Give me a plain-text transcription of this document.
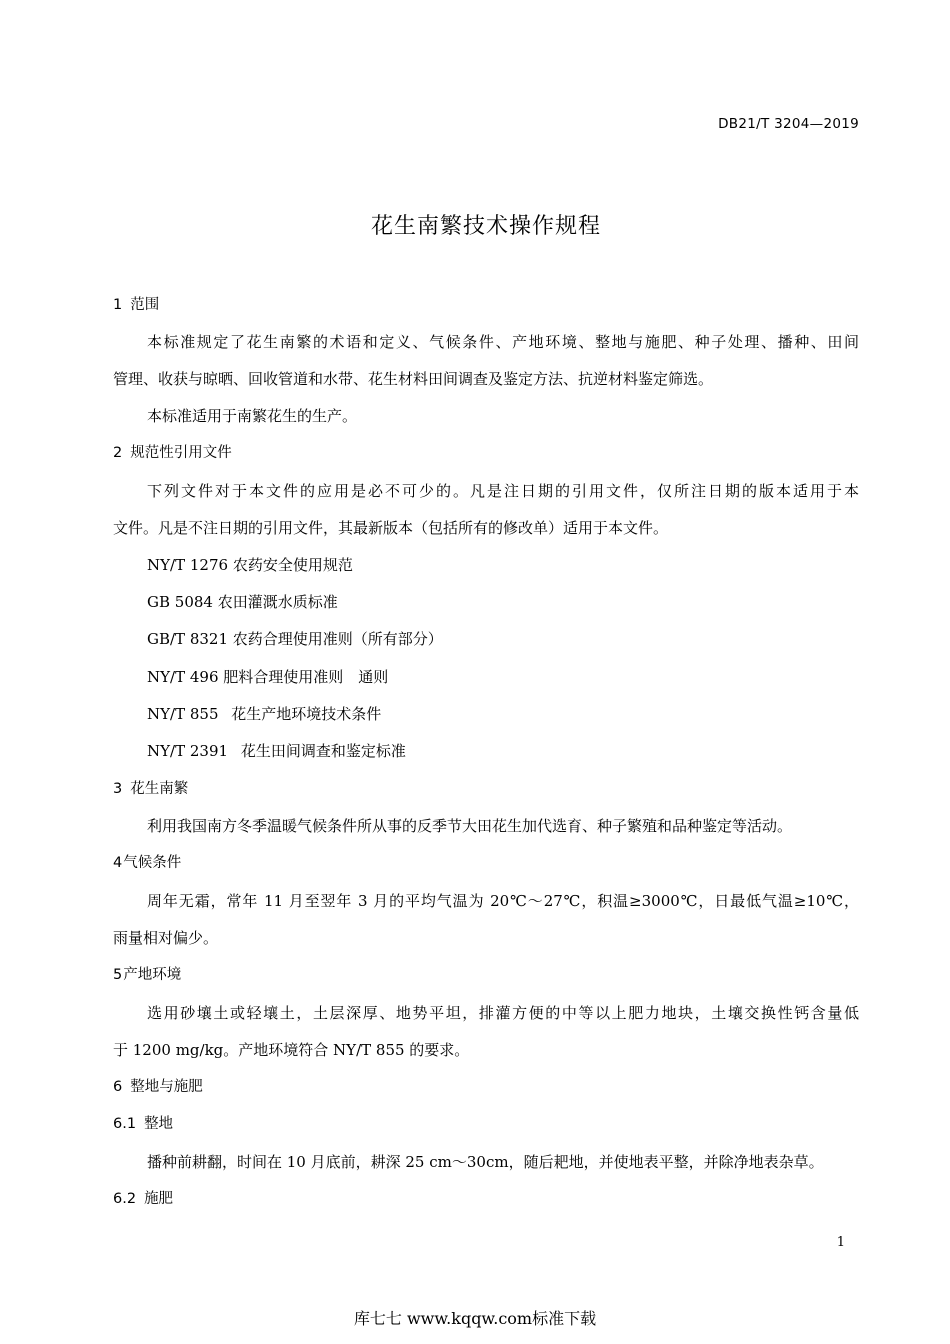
DB21/T 3204—2019
花生南繁技术操作规程
1 范围
本标准规定了花生南繁的术语和定义、气候条件、产地环境、整地与施肥、种子处理、播种、田间
管理、收获与晾晒、回收管道和水带、花生材料田间调查及鉴定方法、抗逆材料鉴定筛选。
本标准适用于南繁花生的生产。
2 规范性引用文件
下列文件对于本文件的应用是必不可少的。凡是注日期的引用文件，仅所注日期的版本适用于本
文件。凡是不注日期的引用文件，其最新版本（包括所有的修改单）适用于本文件。
NY/T 1276 农药安全使用规范
GB 5084 农田灌溉水质标准
GB/T 8321 农药合理使用准则（所有部分）
NY/T 496 肥料合理使用准则　通则
NY/T 855 花生产地环境技术条件
NY/T 2391 花生田间调查和鉴定标准
3 花生南繁
利用我国南方冬季温暖气候条件所从事的反季节大田花生加代选育、种子繁殖和品种鉴定等活动。
4气候条件
周年无霜，常年 11 月至翌年 3 月的平均气温为 20℃～27℃，积温≥3000℃，日最低气温≥10℃，
雨量相对偏少。
5产地环境
选用砂壤土或轻壤土，土层深厚、地势平坦，排灌方便的中等以上肥力地块，土壤交换性钙含量低
于 1200 mg/kg。产地环境符合 NY/T 855 的要求。
6 整地与施肥
6.1 整地
播种前耕翻，时间在 10 月底前，耕深 25 cm～30cm，随后耙地，并使地表平整，并除净地表杂草。
6.2 施肥
1
库七七 www.kqqw.com标准下载
